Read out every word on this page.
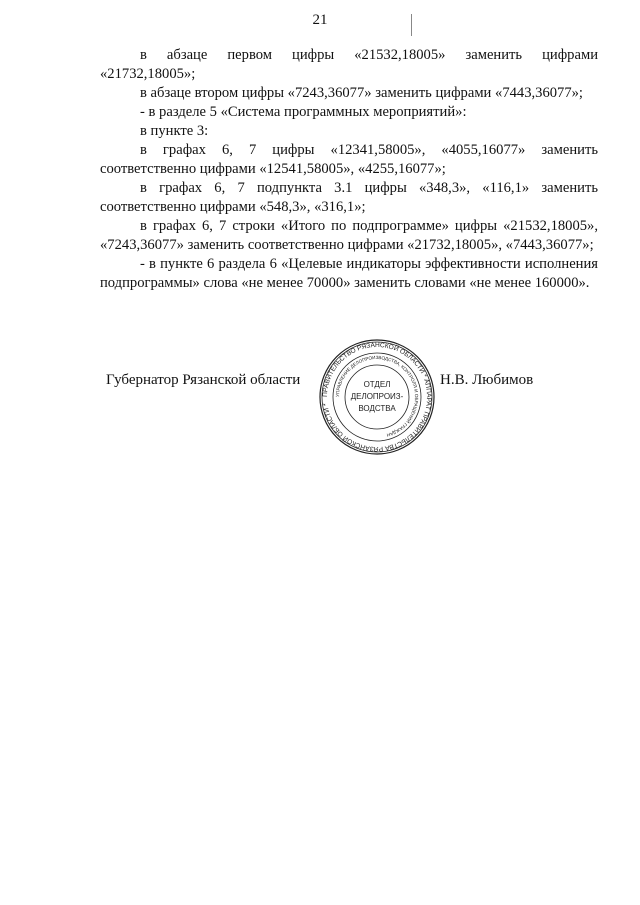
21

в абзаце первом цифры «21532,18005» заменить цифрами «21732,18005»;

в абзаце втором цифры «7243,36077» заменить цифрами «7443,36077»;

- в разделе 5 «Система программных мероприятий»:

в пункте 3:

в графах 6, 7 цифры «12341,58005», «4055,16077» заменить соответственно цифрами «12541,58005», «4255,16077»;

в графах 6, 7 подпункта 3.1 цифры «348,3», «116,1» заменить соответственно цифрами «548,3», «316,1»;

в графах 6, 7 строки «Итого по подпрограмме» цифры «21532,18005», «7243,36077» заменить соответственно цифрами «21732,18005», «7443,36077»;

- в пункте 6 раздела 6 «Целевые индикаторы эффективности исполнения подпрограммы» слова «не менее 70000» заменить словами «не менее 160000».

Губернатор Рязанской области	Н.В. Любимов
ПРАВИТЕЛЬСТВО РЯЗАНСКОЙ ОБЛАСТИ * АППАРАТ ПРАВИТЕЛЬСТВА РЯЗАНСКОЙ ОБЛАСТИ *
УПРАВЛЕНИЕ ДЕЛОПРОИЗВОДСТВА, КОНТРОЛЯ И ОБРАЩЕНИЙ ГРАЖДАН
ОТДЕЛ
ДЕЛОПРОИЗ-
ВОДСТВА
